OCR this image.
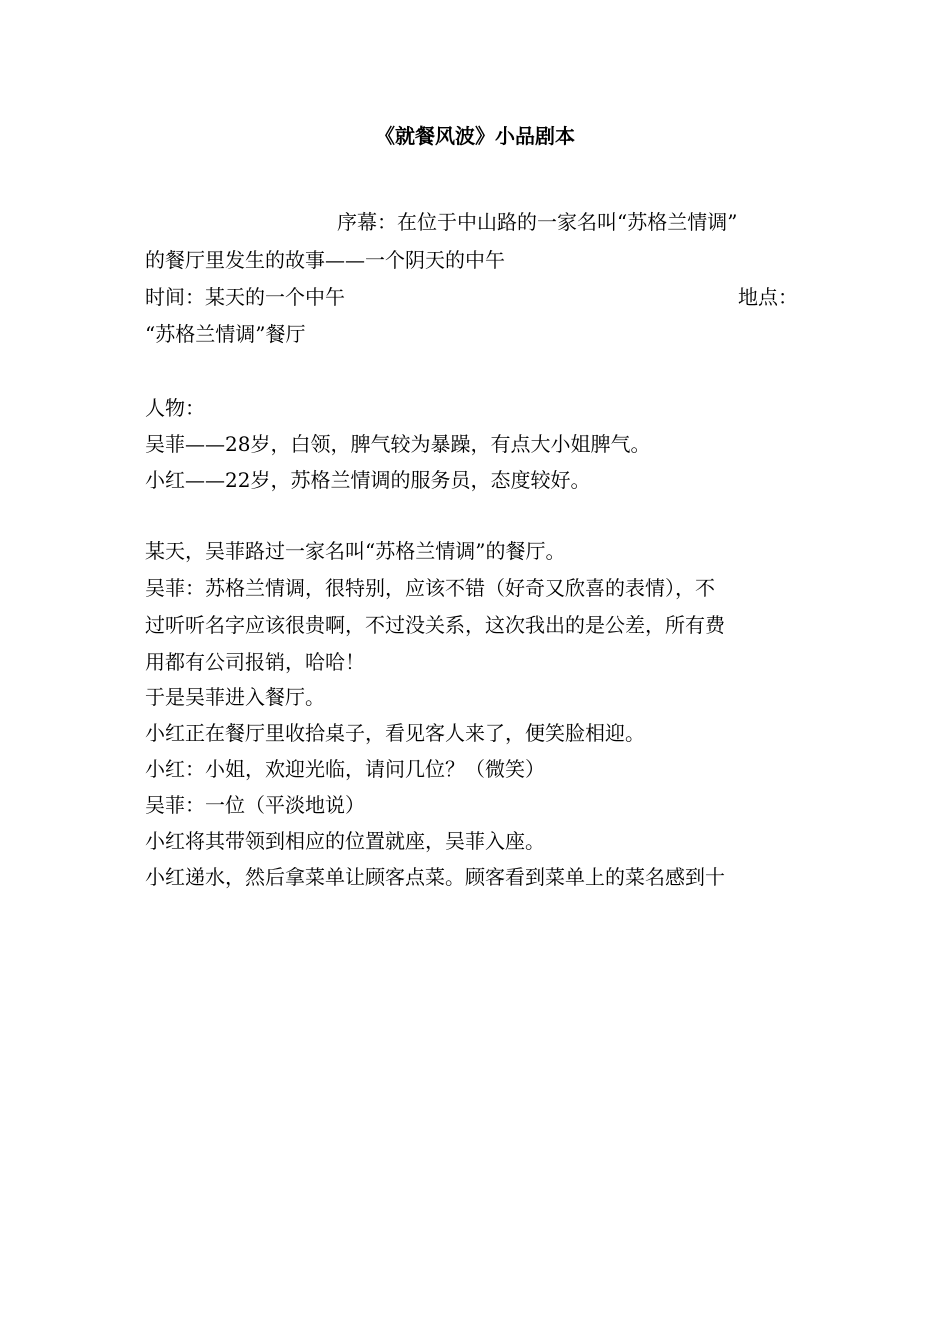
《就餐风波》小品剧本
序幕：在位于中山路的一家名叫“苏格兰情调”
的餐厅里发生的故事——一个阴天的中午
时间：某天的一个中午	地点：
“苏格兰情调”餐厅
人物：
吴菲——28岁，白领，脾气较为暴躁，有点大小姐脾气。
小红——22岁，苏格兰情调的服务员，态度较好。
某天，吴菲路过一家名叫“苏格兰情调”的餐厅。
吴菲：苏格兰情调，很特别，应该不错（好奇又欣喜的表情），不
过听听名字应该很贵啊，不过没关系，这次我出的是公差，所有费
用都有公司报销，哈哈！
于是吴菲进入餐厅。
小红正在餐厅里收拾桌子，看见客人来了，便笑脸相迎。
小红：小姐，欢迎光临，请问几位？（微笑）
吴菲：一位（平淡地说）
小红将其带领到相应的位置就座，吴菲入座。
小红递水，然后拿菜单让顾客点菜。顾客看到菜单上的菜名感到十
